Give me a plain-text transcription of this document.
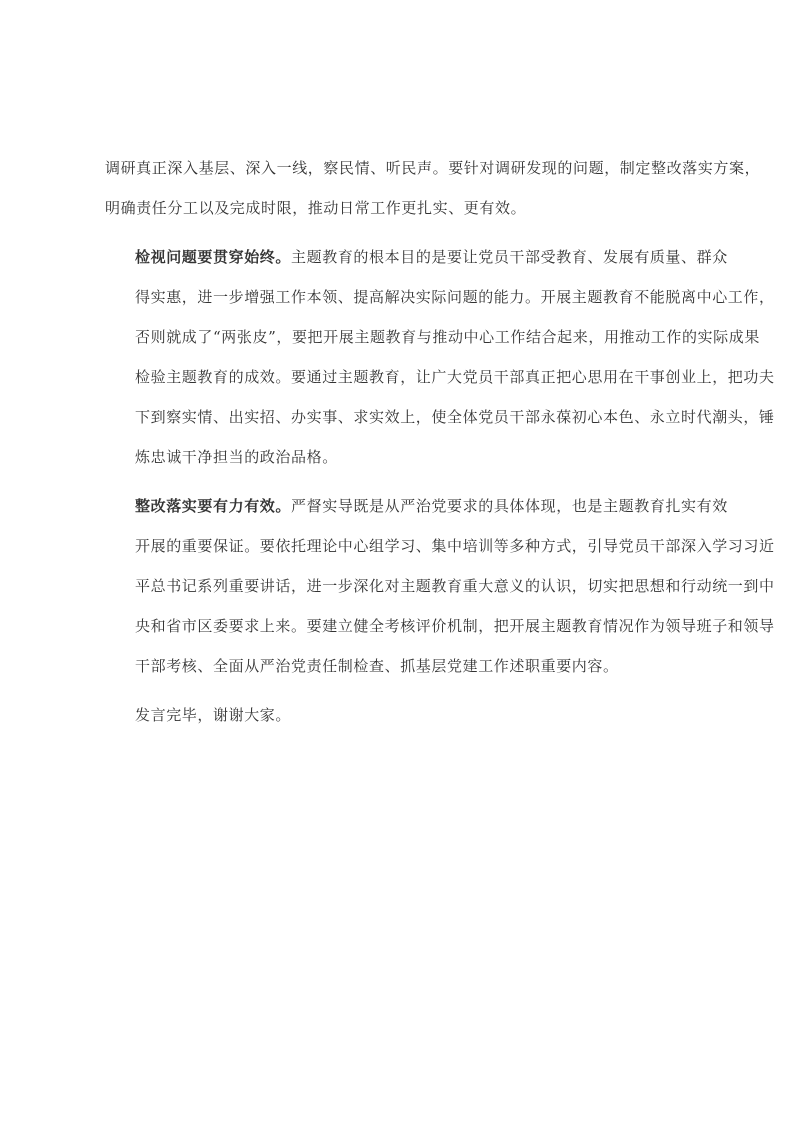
调研真正深入基层、深入一线，察民情、听民声。要针对调研发现的问题，制定整改落实方案，
明确责任分工以及完成时限，推动日常工作更扎实、更有效。

检视问题要贯穿始终。主题教育的根本目的是要让党员干部受教育、发展有质量、群众
得实惠，进一步增强工作本领、提高解决实际问题的能力。开展主题教育不能脱离中心工作，
否则就成了“两张皮”，要把开展主题教育与推动中心工作结合起来，用推动工作的实际成果
检验主题教育的成效。要通过主题教育，让广大党员干部真正把心思用在干事创业上，把功夫
下到察实情、出实招、办实事、求实效上，使全体党员干部永葆初心本色、永立时代潮头，锤
炼忠诚干净担当的政治品格。

整改落实要有力有效。严督实导既是从严治党要求的具体体现，也是主题教育扎实有效
开展的重要保证。要依托理论中心组学习、集中培训等多种方式，引导党员干部深入学习习近
平总书记系列重要讲话，进一步深化对主题教育重大意义的认识，切实把思想和行动统一到中
央和省市区委要求上来。要建立健全考核评价机制，把开展主题教育情况作为领导班子和领导
干部考核、全面从严治党责任制检查、抓基层党建工作述职重要内容。

发言完毕，谢谢大家。
